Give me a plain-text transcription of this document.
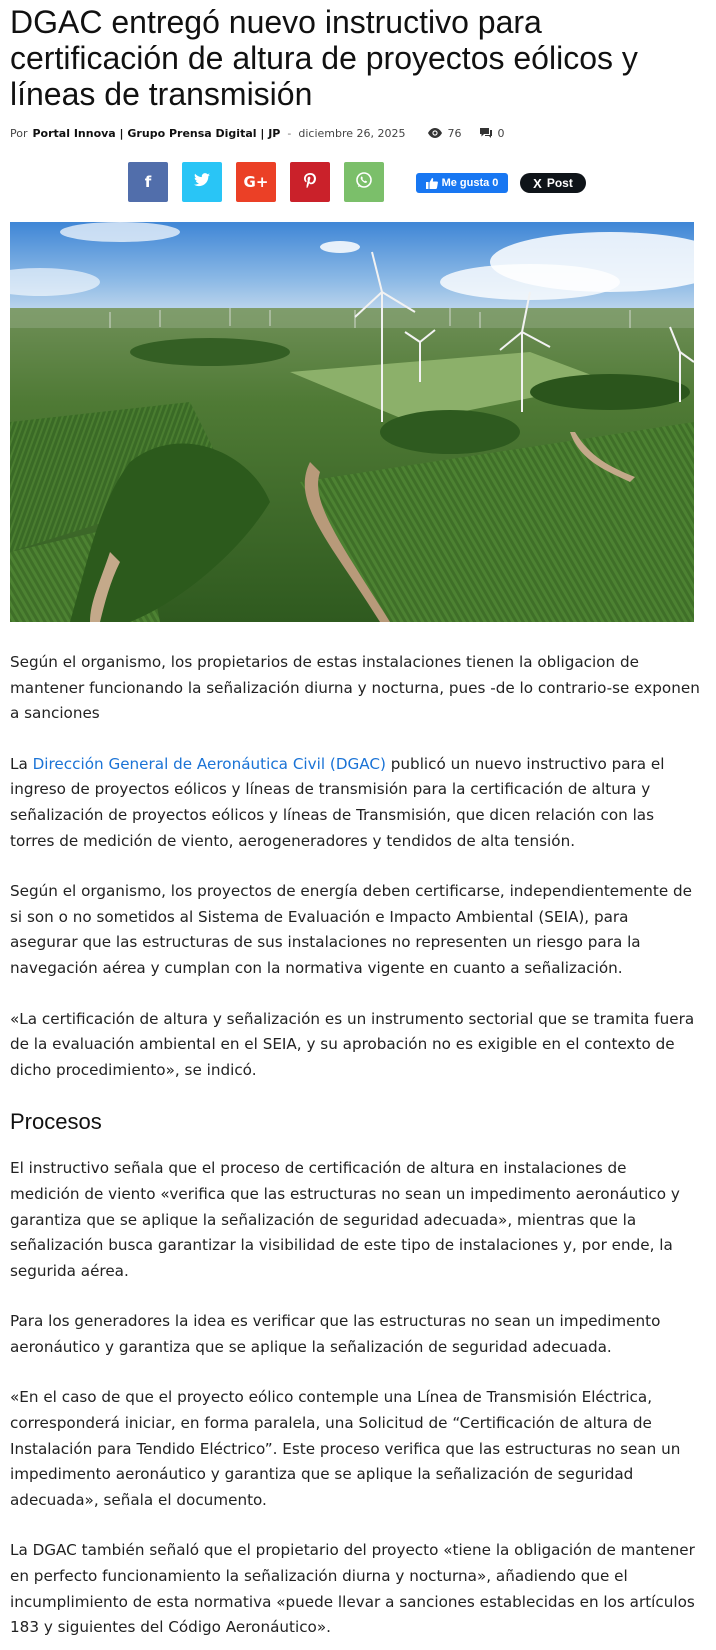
DGAC entregó nuevo instructivo para certificación de altura de proyectos eólicos y líneas de transmisión
Por Portal Innova | Grupo Prensa Digital | JP - diciembre 26, 2025	76	0
f	G+	Me gusta 0	X Post

Según el organismo, los propietarios de estas instalaciones tienen la obligacion de mantener funcionando la señalización diurna y nocturna, pues -de lo contrario-se exponen a sanciones

La Dirección General de Aeronáutica Civil (DGAC) publicó un nuevo instructivo para el ingreso de proyectos eólicos y líneas de transmisión para la certificación de altura y señalización de proyectos eólicos y líneas de Transmisión, que dicen relación con las torres de medición de viento, aerogeneradores y tendidos de alta tensión.

Según el organismo, los proyectos de energía deben certificarse, independientemente de si son o no sometidos al Sistema de Evaluación e Impacto Ambiental (SEIA), para asegurar que las estructuras de sus instalaciones no representen un riesgo para la navegación aérea y cumplan con la normativa vigente en cuanto a señalización.

«La certificación de altura y señalización es un instrumento sectorial que se tramita fuera de la evaluación ambiental en el SEIA, y su aprobación no es exigible en el contexto de dicho procedimiento», se indicó.

Procesos

El instructivo señala que el proceso de certificación de altura en instalaciones de medición de viento «verifica que las estructuras no sean un impedimento aeronáutico y garantiza que se aplique la señalización de seguridad adecuada», mientras que la señalización busca garantizar la visibilidad de este tipo de instalaciones y, por ende, la segurida aérea.

Para los generadores la idea es verificar que las estructuras no sean un impedimento aeronáutico y garantiza que se aplique la señalización de seguridad adecuada.

«En el caso de que el proyecto eólico contemple una Línea de Transmisión Eléctrica, corresponderá iniciar, en forma paralela, una Solicitud de “Certificación de altura de Instalación para Tendido Eléctrico”. Este proceso verifica que las estructuras no sean un impedimento aeronáutico y garantiza que se aplique la señalización de seguridad adecuada», señala el documento.

La DGAC también señaló que el propietario del proyecto «tiene la obligación de mantener en perfecto funcionamiento la señalización diurna y nocturna», añadiendo que el incumplimiento de esta normativa «puede llevar a sanciones establecidas en los artículos 183 y siguientes del Código Aeronáutico».
